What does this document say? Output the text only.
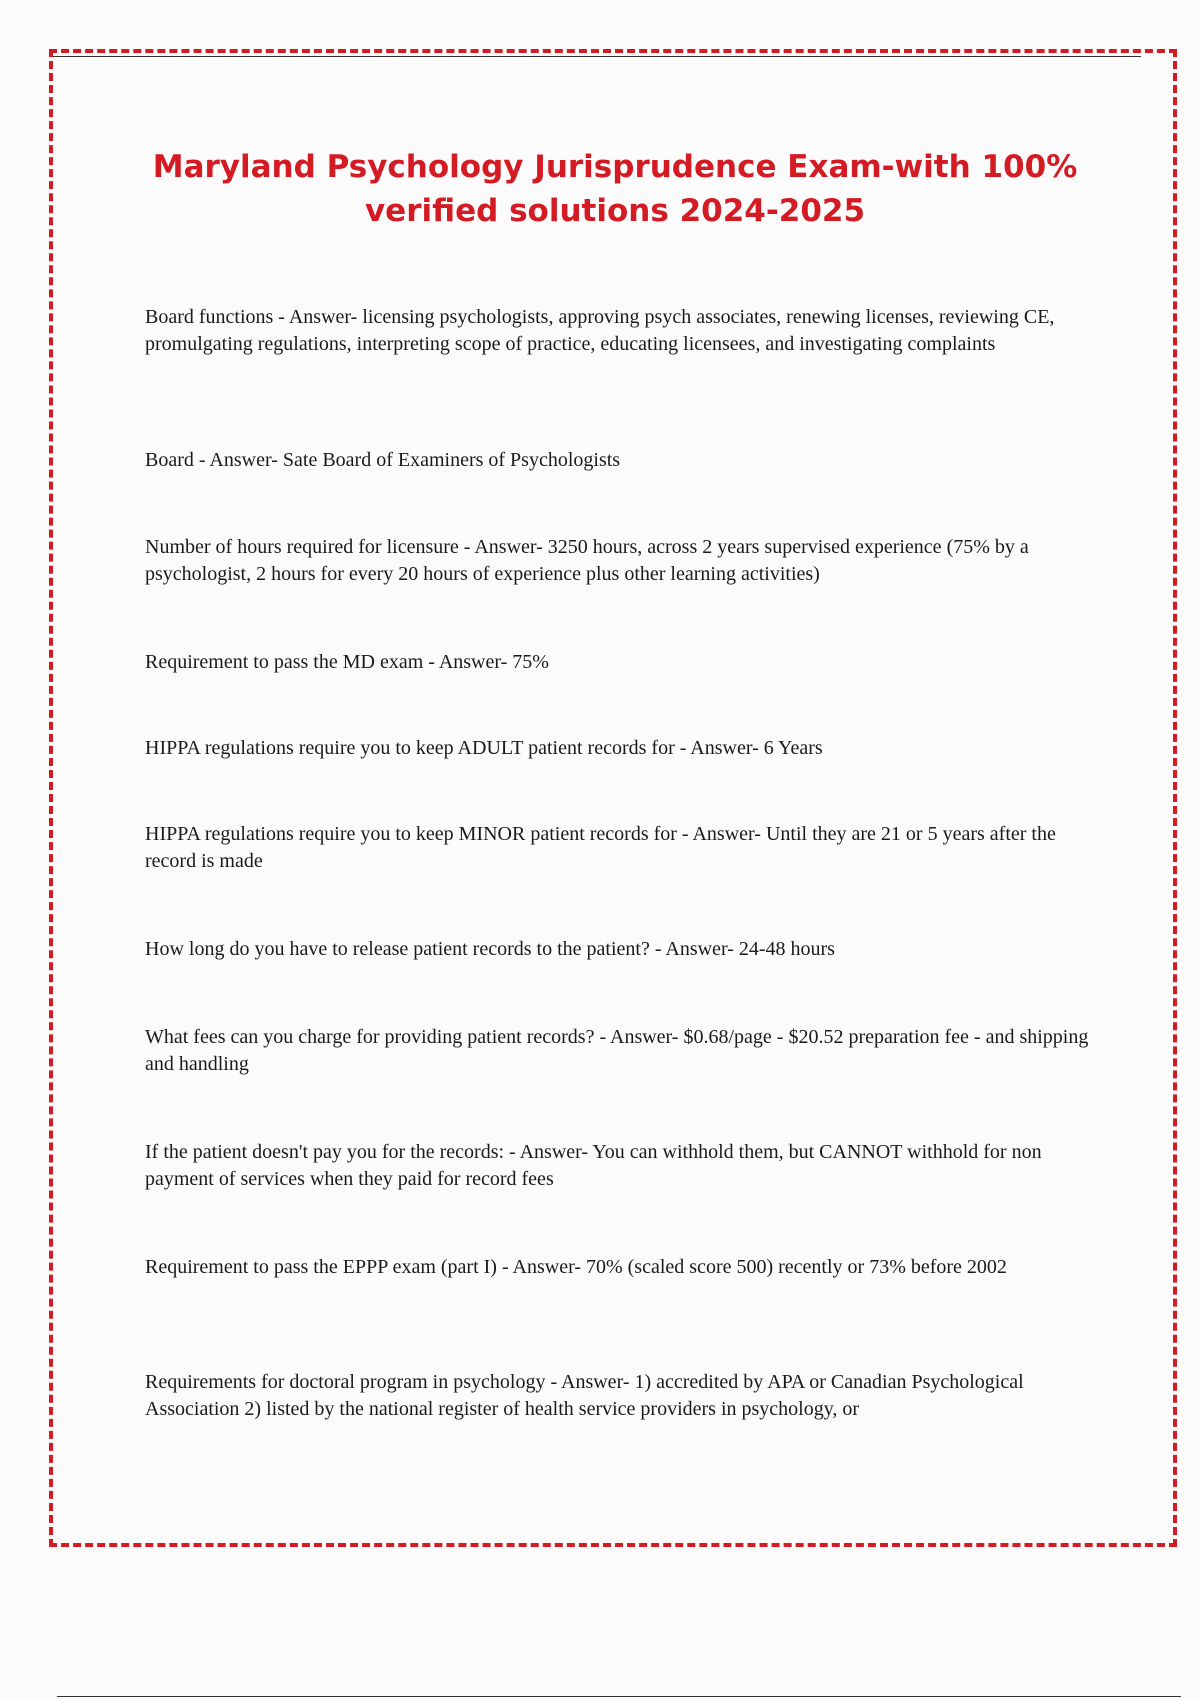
Maryland Psychology Jurisprudence Exam-with 100% verified solutions 2024-2025
Board functions - Answer- licensing psychologists, approving psych associates, renewing licenses, reviewing CE, promulgating regulations, interpreting scope of practice, educating licensees, and investigating complaints
Board - Answer- Sate Board of Examiners of Psychologists
Number of hours required for licensure - Answer- 3250 hours, across 2 years supervised experience (75% by a psychologist, 2 hours for every 20 hours of experience plus other learning activities)
Requirement to pass the MD exam - Answer- 75%
HIPPA regulations require you to keep ADULT patient records for - Answer- 6 Years
HIPPA regulations require you to keep MINOR patient records for - Answer- Until they are 21 or 5 years after the record is made
How long do you have to release patient records to the patient? - Answer- 24-48 hours
What fees can you charge for providing patient records? - Answer- $0.68/page - $20.52 preparation fee - and shipping and handling
If the patient doesn't pay you for the records: - Answer- You can withhold them, but CANNOT withhold for non payment of services when they paid for record fees
Requirement to pass the EPPP exam (part I) - Answer- 70% (scaled score 500) recently or 73% before 2002
Requirements for doctoral program in psychology - Answer- 1) accredited by APA or Canadian Psychological Association 2) listed by the national register of health service providers in psychology, or
